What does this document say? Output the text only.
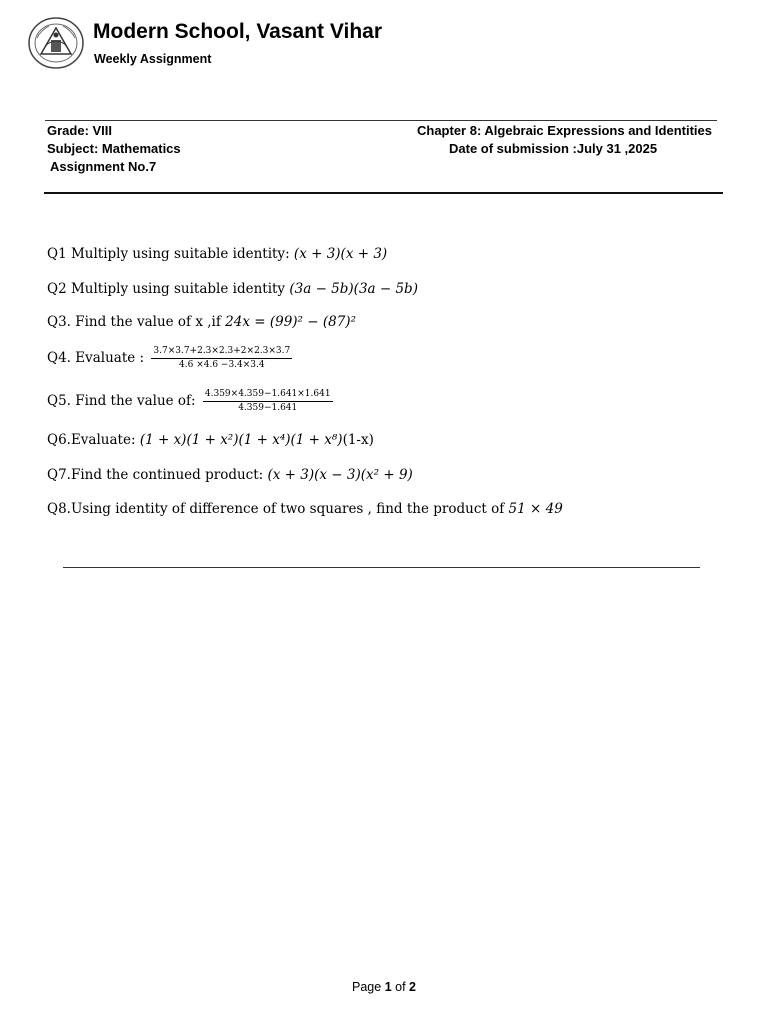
Modern School, Vasant Vihar
Weekly Assignment
Grade: VIII
Subject: Mathematics
Assignment No.7
Chapter 8: Algebraic Expressions and Identities
Date of submission :July 31 ,2025
Q1 Multiply using suitable identity: (x + 3)(x + 3)
Q2 Multiply using suitable identity (3a − 5b)(3a − 5b)
Q3. Find the value of x ,if 24x = (99)² − (87)²
Q4. Evaluate : $\frac{3.7\times 3.7+2.3\times 2.3+2\times 2.3\times 3.7}{4.6 \times 4.6 -3.4\times 3.4}$
Q5. Find the value of: $\frac{4.359\times 4.359-1.641\times 1.641}{4.359-1.641}$
Q6.Evaluate: (1 + x)(1 + x²)(1 + x⁴)(1 + x⁸)(1-x)
Q7.Find the continued product: (x + 3)(x − 3)(x² + 9)
Q8.Using identity of difference of two squares , find the product of 51 × 49
Page 1 of 2
